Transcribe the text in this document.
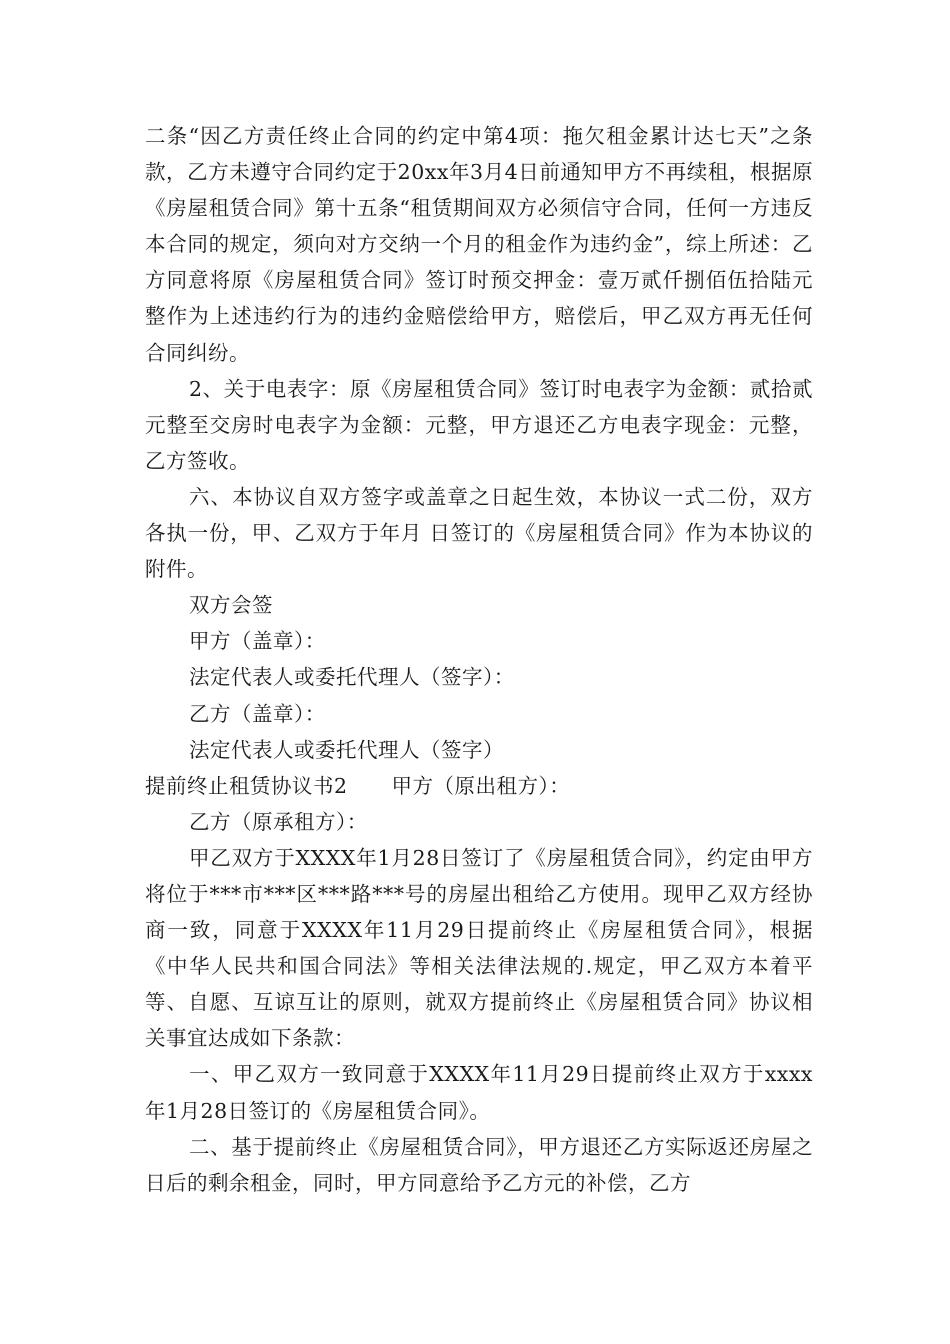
二条“因乙方责任终止合同的约定中第4项：拖欠租金累计达七天”之条款，乙方未遵守合同约定于20xx年3月4日前通知甲方不再续租，根据原《房屋租赁合同》第十五条“租赁期间双方必须信守合同，任何一方违反本合同的规定，须向对方交纳一个月的租金作为违约金”，综上所述：乙方同意将原《房屋租赁合同》签订时预交押金：壹万贰仟捌佰伍拾陆元整作为上述违约行为的违约金赔偿给甲方，赔偿后，甲乙双方再无任何合同纠纷。

2、关于电表字：原《房屋租赁合同》签订时电表字为金额：贰拾贰元整至交房时电表字为金额：元整，甲方退还乙方电表字现金：元整，乙方签收。

六、本协议自双方签字或盖章之日起生效，本协议一式二份，双方各执一份，甲、乙双方于年月 日签订的《房屋租赁合同》作为本协议的附件。

双方会签

甲方（盖章）：

法定代表人或委托代理人（签字）：

乙方（盖章）：

法定代表人或委托代理人（签字）

提前终止租赁协议书2 甲方（原出租方）：

乙方（原承租方）：

甲乙双方于XXXX年1月28日签订了《房屋租赁合同》，约定由甲方将位于***市***区***路***号的房屋出租给乙方使用。现甲乙双方经协商一致，同意于XXXX年11月29日提前终止《房屋租赁合同》，根据《中华人民共和国合同法》等相关法律法规的.规定，甲乙双方本着平等、自愿、互谅互让的原则，就双方提前终止《房屋租赁合同》协议相关事宜达成如下条款：

一、甲乙双方一致同意于XXXX年11月29日提前终止双方于xxxx年1月28日签订的《房屋租赁合同》。

二、基于提前终止《房屋租赁合同》，甲方退还乙方实际返还房屋之日后的剩余租金，同时，甲方同意给予乙方元的补偿，乙方
